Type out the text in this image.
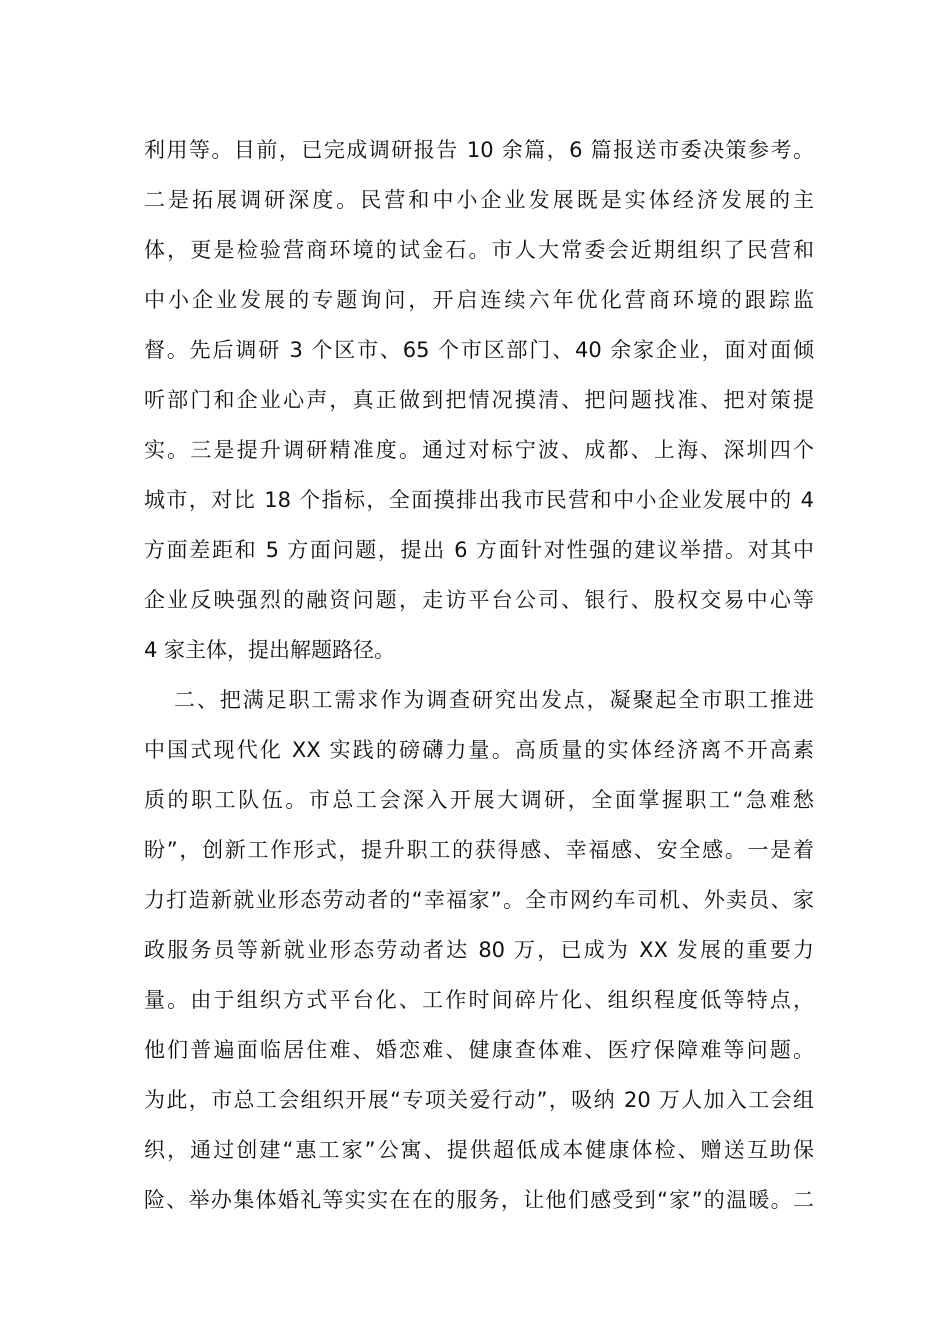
利用等。目前，已完成调研报告 10 余篇，6 篇报送市委决策参考。
二是拓展调研深度。民营和中小企业发展既是实体经济发展的主
体，更是检验营商环境的试金石。市人大常委会近期组织了民营和
中小企业发展的专题询问，开启连续六年优化营商环境的跟踪监
督。先后调研 3 个区市、65 个市区部门、40 余家企业，面对面倾
听部门和企业心声，真正做到把情况摸清、把问题找准、把对策提
实。三是提升调研精准度。通过对标宁波、成都、上海、深圳四个
城市，对比 18 个指标，全面摸排出我市民营和中小企业发展中的 4
方面差距和 5 方面问题，提出 6 方面针对性强的建议举措。对其中
企业反映强烈的融资问题，走访平台公司、银行、股权交易中心等
4 家主体，提出解题路径。
二、把满足职工需求作为调查研究出发点，凝聚起全市职工推进
中国式现代化 XX 实践的磅礴力量。高质量的实体经济离不开高素
质的职工队伍。市总工会深入开展大调研，全面掌握职工“急难愁
盼”，创新工作形式，提升职工的获得感、幸福感、安全感。一是着
力打造新就业形态劳动者的“幸福家”。全市网约车司机、外卖员、家
政服务员等新就业形态劳动者达 80 万，已成为 XX 发展的重要力
量。由于组织方式平台化、工作时间碎片化、组织程度低等特点，
他们普遍面临居住难、婚恋难、健康查体难、医疗保障难等问题。
为此，市总工会组织开展“专项关爱行动”，吸纳 20 万人加入工会组
织，通过创建“惠工家”公寓、提供超低成本健康体检、赠送互助保
险、举办集体婚礼等实实在在的服务，让他们感受到“家”的温暖。二
